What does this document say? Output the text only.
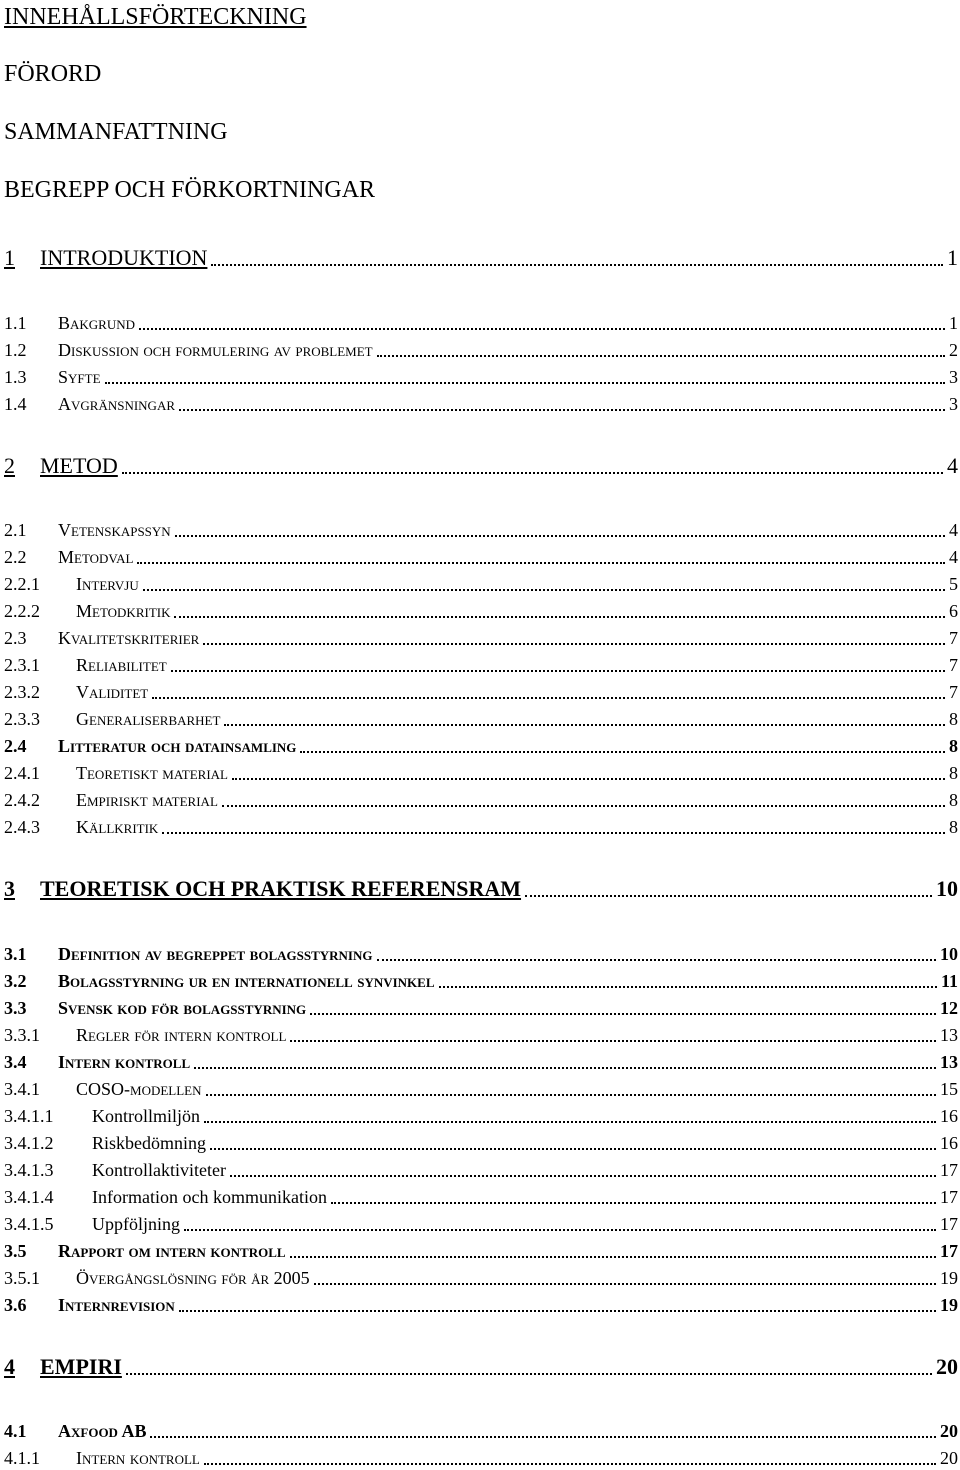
INNEHÅLLSFÖRTECKNING
FÖRORD
SAMMANFATTNING
BEGREPP OCH FÖRKORTNINGAR
1 INTRODUKTION	1
1.1 Bakgrund	1
1.2 Diskussion och formulering av problemet	2
1.3 Syfte	3
1.4 Avgränsningar	3
2 METOD	4
2.1 Vetenskapssyn	4
2.2 Metodval	4
2.2.1 Intervju	5
2.2.2 Metodkritik	6
2.3 Kvalitetskriterier	7
2.3.1 Reliabilitet	7
2.3.2 Validitet	7
2.3.3 Generaliserbarhet	8
2.4 Litteratur och datainsamling	8
2.4.1 Teoretiskt material	8
2.4.2 Empiriskt material	8
2.4.3 Källkritik	8
3 TEORETISK OCH PRAKTISK REFERENSRAM	10
3.1 Definition av begreppet bolagsstyrning	10
3.2 Bolagsstyrning ur en internationell synvinkel	11
3.3 Svensk kod för bolagsstyrning	12
3.3.1 Regler för intern kontroll	13
3.4 Intern kontroll	13
3.4.1 COSO-modellen	15
3.4.1.1 Kontrollmiljön	16
3.4.1.2 Riskbedömning	16
3.4.1.3 Kontrollaktiviteter	17
3.4.1.4 Information och kommunikation	17
3.4.1.5 Uppföljning	17
3.5 Rapport om intern kontroll	17
3.5.1 Övergångslösning för år 2005	19
3.6 Internrevision	19
4 EMPIRI	20
4.1 Axfood AB	20
4.1.1 Intern kontroll	20
